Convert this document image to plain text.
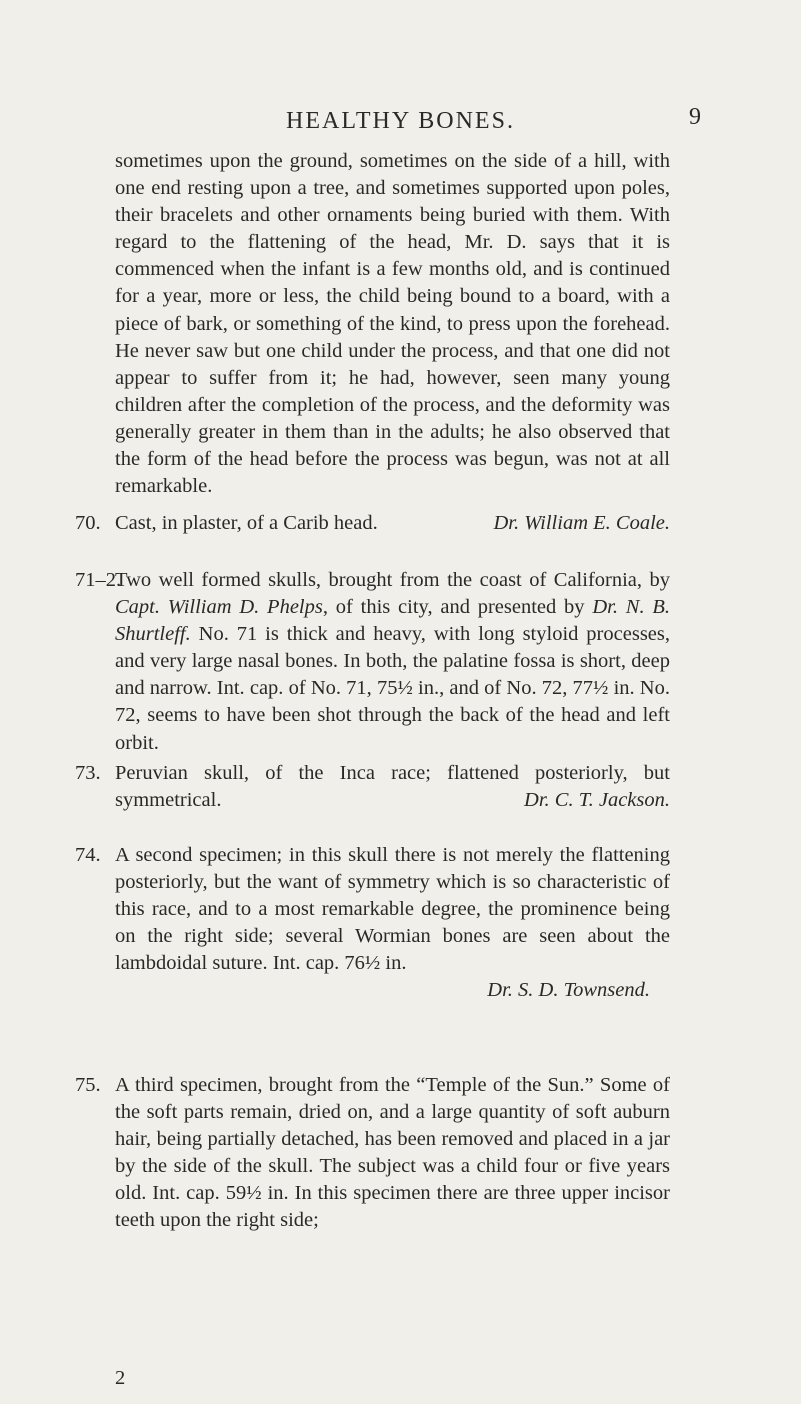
HEALTHY BONES.	9

sometimes upon the ground, sometimes on the side of a hill, with one end resting upon a tree, and sometimes supported upon poles, their bracelets and other ornaments being buried with them. With regard to the flattening of the head, Mr. D. says that it is commenced when the infant is a few months old, and is continued for a year, more or less, the child being bound to a board, with a piece of bark, or something of the kind, to press upon the forehead. He never saw but one child under the process, and that one did not appear to suffer from it; he had, however, seen many young children after the completion of the process, and the deformity was generally greater in them than in the adults; he also observed that the form of the head before the process was begun, was not at all remarkable.

70. Cast, in plaster, of a Carib head.	Dr. William E. Coale.
71–2.
Two well formed skulls, brought from the coast of California, by Capt. William D. Phelps, of this city, and presented by Dr. N. B. Shurtleff. No. 71 is thick and heavy, with long styloid processes, and very large nasal bones. In both, the palatine fossa is short, deep and narrow. Int. cap. of No. 71, 75½ in., and of No. 72, 77½ in. No. 72, seems to have been shot through the back of the head and left orbit.
73. Peruvian skull, of the Inca race; flattened posteriorly, but symmetrical.	Dr. C. T. Jackson.
74. A second specimen; in this skull there is not merely the flattening posteriorly, but the want of symmetry which is so characteristic of this race, and to a most remarkable degree, the prominence being on the right side; several Wormian bones are seen about the lambdoidal suture. Int. cap. 76½ in.
Dr. S. D. Townsend.
75. A third specimen, brought from the “Temple of the Sun.” Some of the soft parts remain, dried on, and a large quantity of soft auburn hair, being partially detached, has been removed and placed in a jar by the side of the skull. The subject was a child four or five years old. Int. cap. 59½ in. In this specimen there are three upper incisor teeth upon the right side;
2
